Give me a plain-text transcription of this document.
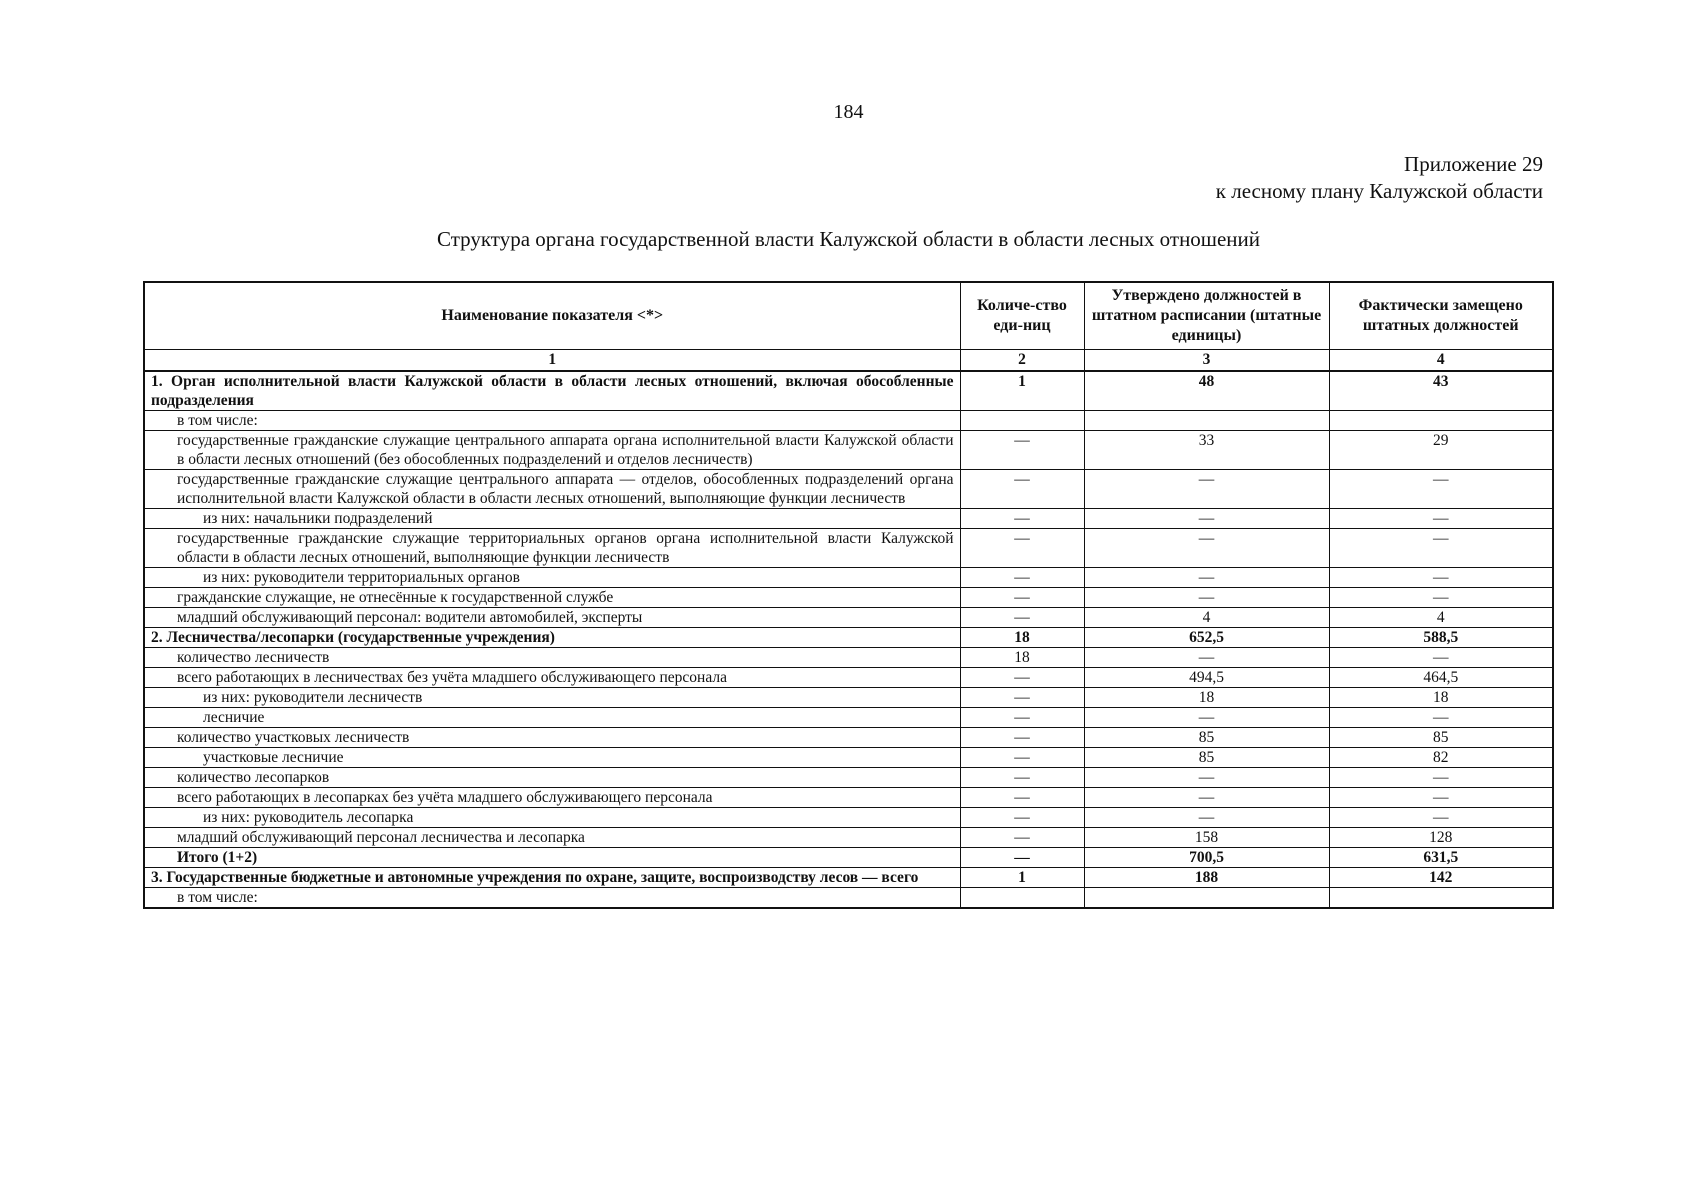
184
Приложение 29
к лесному плану Калужской области
Структура органа государственной власти Калужской области в области лесных отношений
Наименование показателя <*>	Количе-ство еди-ниц	Утверждено должностей в штатном расписании (штатные единицы)	Фактически замещено штатных должностей
1	2	3	4
1. Орган исполнительной власти Калужской области в области лесных отношений, включая обособленные подразделения	1	48	43
в том числе:			
государственные гражданские служащие центрального аппарата органа исполнительной власти Калужской области в области лесных отношений (без обособленных подразделений и отделов лесничеств)	—	33	29
государственные гражданские служащие центрального аппарата — отделов, обособленных подразделений органа исполнительной власти Калужской области в области лесных отношений, выполняющие функции лесничеств	—	—	—
из них: начальники подразделений	—	—	—
государственные гражданские служащие территориальных органов органа исполнительной власти Калужской области в области лесных отношений, выполняющие функции лесничеств	—	—	—
из них: руководители территориальных органов	—	—	—
гражданские служащие, не отнесённые к государственной службе	—	—	—
младший обслуживающий персонал: водители автомобилей, эксперты	—	4	4
2. Лесничества/лесопарки (государственные учреждения)	18	652,5	588,5
количество лесничеств	18	—	—
всего работающих в лесничествах без учёта младшего обслуживающего персонала	—	494,5	464,5
из них: руководители лесничеств	—	18	18
лесничие	—	—	—
количество участковых лесничеств	—	85	85
участковые лесничие	—	85	82
количество лесопарков	—	—	—
всего работающих в лесопарках без учёта младшего обслуживающего персонала	—	—	—
из них: руководитель лесопарка	—	—	—
младший обслуживающий персонал лесничества и лесопарка	—	158	128
Итого (1+2)	—	700,5	631,5
3. Государственные бюджетные и автономные учреждения по охране, защите, воспроизводству лесов — всего	1	188	142
в том числе:			
